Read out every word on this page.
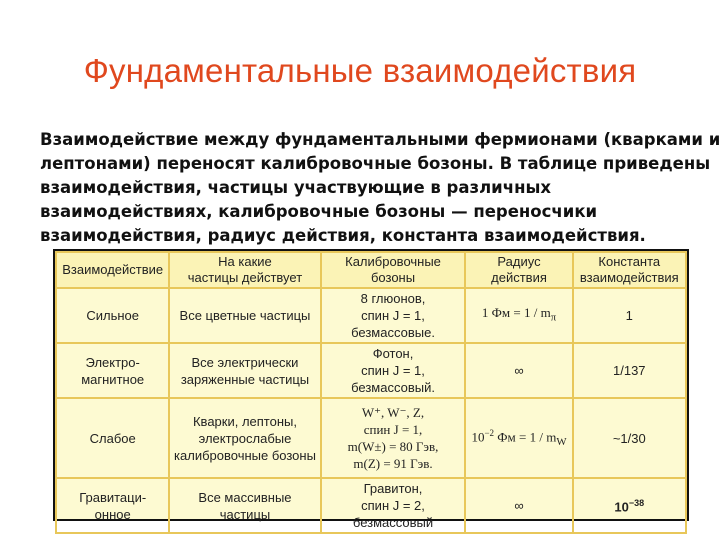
Фундаментальные взаимодействия
Взаимодействие между фундаментальными фермионами (кварками и
лептонами) переносят калибровочные бозоны. В таблице приведены
взаимодействия, частицы участвующие в различных
взаимодействиях, калибровочные бозоны — переносчики
взаимодействия, радиус действия, константа взаимодействия.
Взаимодействие	На какие
частицы действует	Калибровочные
бозоны	Радиус
действия	Константа
взаимодействия

Сильное	Все цветные частицы	8 глюонов,
спин J = 1,
безмассовые.	1 Фм = $1 / m_\pi$	1

Электро-
магнитное	Все электрически
заряженные частицы	Фотон,
спин J = 1,
безмассовый.	∞	1/137

Слабое	Кварки, лептоны,
электрослабые
калибровочные бозоны	W⁺, W⁻, Z,
спин J = 1,
m(W±) = 80 Гэв,
m(Z) = 91 Гэв.	$10^{-2}$ Фм = $1 / m_W$	~1/30

Гравитаци-
онное	Все массивные
частицы	Гравитон,
спин J = 2,
безмассовый	∞	$10^{-38}$
